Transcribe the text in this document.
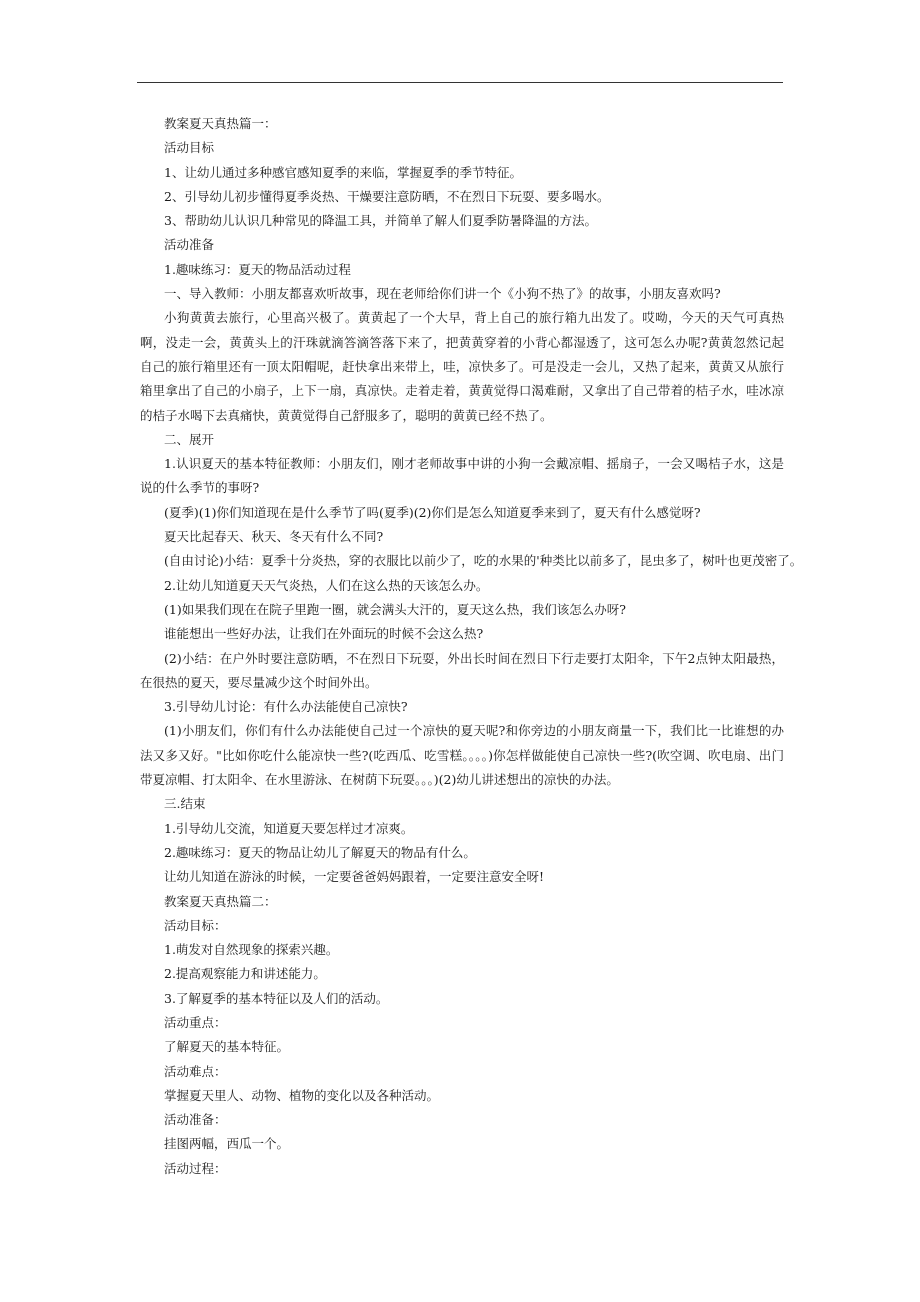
教案夏天真热篇一：

活动目标

1、让幼儿通过多种感官感知夏季的来临，掌握夏季的季节特征。

2、引导幼儿初步懂得夏季炎热、干燥要注意防晒，不在烈日下玩耍、要多喝水。

3、帮助幼儿认识几种常见的降温工具，并简单了解人们夏季防暑降温的方法。

活动准备

1.趣味练习：夏天的物品活动过程

一、导入教师：小朋友都喜欢听故事，现在老师给你们讲一个《小狗不热了》的故事，小朋友喜欢吗?

小狗黄黄去旅行，心里高兴极了。黄黄起了一个大早，背上自己的旅行箱九出发了。哎呦，今天的天气可真热啊，没走一会，黄黄头上的汗珠就滴答滴答落下来了，把黄黄穿着的小背心都湿透了，这可怎么办呢?黄黄忽然记起自己的旅行箱里还有一顶太阳帽呢，赶快拿出来带上，哇，凉快多了。可是没走一会儿，又热了起来，黄黄又从旅行箱里拿出了自己的小扇子，上下一扇，真凉快。走着走着，黄黄觉得口渴难耐，又拿出了自己带着的桔子水，哇冰凉的桔子水喝下去真痛快，黄黄觉得自己舒服多了，聪明的黄黄已经不热了。

二、展开

1.认识夏天的基本特征教师：小朋友们，刚才老师故事中讲的小狗一会戴凉帽、摇扇子，一会又喝桔子水，这是说的什么季节的事呀?

(夏季)(1)你们知道现在是什么季节了吗(夏季)(2)你们是怎么知道夏季来到了，夏天有什么感觉呀?

夏天比起春天、秋天、冬天有什么不同?

(自由讨论)小结：夏季十分炎热，穿的衣服比以前少了，吃的水果的'种类比以前多了，昆虫多了，树叶也更茂密了。

2.让幼儿知道夏天天气炎热，人们在这么热的天该怎么办。

(1)如果我们现在在院子里跑一圈，就会满头大汗的，夏天这么热，我们该怎么办呀?

谁能想出一些好办法，让我们在外面玩的时候不会这么热?

(2)小结：在户外时要注意防晒，不在烈日下玩耍，外出长时间在烈日下行走要打太阳伞，下午2点钟太阳最热，在很热的夏天，要尽量减少这个时间外出。

3.引导幼儿讨论：有什么办法能使自己凉快?

(1)小朋友们，你们有什么办法能使自己过一个凉快的夏天呢?和你旁边的小朋友商量一下，我们比一比谁想的办法又多又好。"比如你吃什么能凉快一些?(吃西瓜、吃雪糕。。。。)你怎样做能使自己凉快一些?(吹空调、吹电扇、出门带夏凉帽、打太阳伞、在水里游泳、在树荫下玩耍。。。)(2)幼儿讲述想出的凉快的办法。

三.结束

1.引导幼儿交流，知道夏天要怎样过才凉爽。

2.趣味练习：夏天的物品让幼儿了解夏天的物品有什么。

让幼儿知道在游泳的时候，一定要爸爸妈妈跟着，一定要注意安全呀!

教案夏天真热篇二：

活动目标：

1.萌发对自然现象的探索兴趣。

2.提高观察能力和讲述能力。

3.了解夏季的基本特征以及人们的活动。

活动重点：

了解夏天的基本特征。

活动难点：

掌握夏天里人、动物、植物的变化以及各种活动。

活动准备：

挂图两幅，西瓜一个。

活动过程：
